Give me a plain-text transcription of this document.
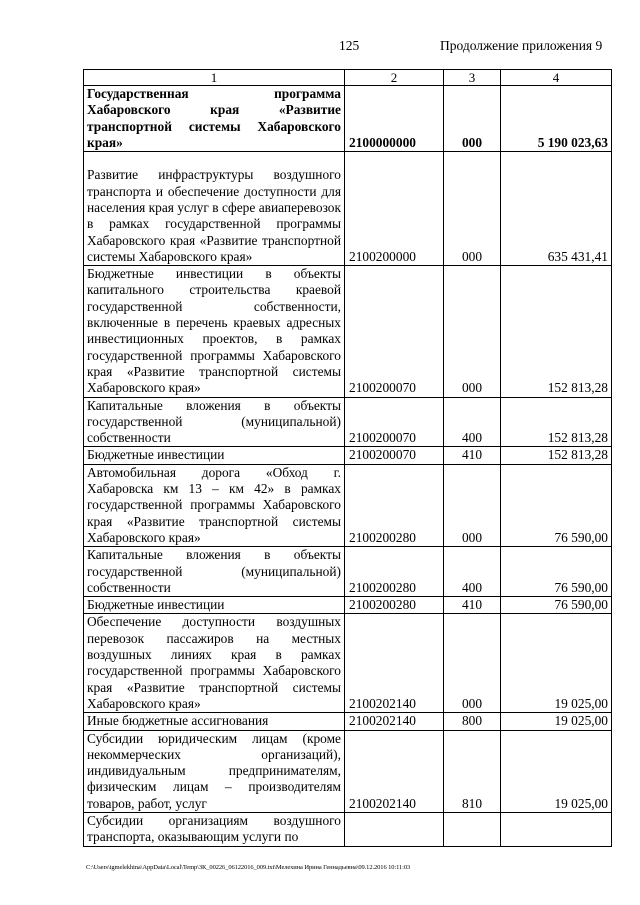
125	Продолжение приложения 9
1	2	3	4
Государственная программа Хабаровского края «Развитие транспортной системы Хабаровского края»	2100000000	000	5 190 023,63
Развитие инфраструктуры воздушного транспорта и обеспечение доступности для населения края услуг в сфере авиаперевозок в рамках государственной программы Хабаровского края «Развитие транспортной системы Хабаровского края»	2100200000	000	635 431,41
Бюджетные инвестиции в объекты капитального строительства краевой государственной собственности, включенные в перечень краевых адресных инвестиционных проектов, в рамках государственной программы Хабаровского края «Развитие транспортной системы Хабаровского края»	2100200070	000	152 813,28
Капитальные вложения в объекты государственной (муниципальной) собственности	2100200070	400	152 813,28
Бюджетные инвестиции	2100200070	410	152 813,28
Автомобильная дорога «Обход г. Хабаровска км 13 – км 42» в рамках государственной программы Хабаровского края «Развитие транспортной системы Хабаровского края»	2100200280	000	76 590,00
Капитальные вложения в объекты государственной (муниципальной) собственности	2100200280	400	76 590,00
Бюджетные инвестиции	2100200280	410	76 590,00
Обеспечение доступности воздушных перевозок пассажиров на местных воздушных линиях края в рамках государственной программы Хабаровского края «Развитие транспортной системы Хабаровского края»	2100202140	000	19 025,00
Иные бюджетные ассигнования	2100202140	800	19 025,00
Субсидии юридическим лицам (кроме некоммерческих организаций), индивидуальным предпринимателям, физическим лицам – производителям товаров, работ, услуг	2100202140	810	19 025,00
Субсидии организациям воздушного транспорта, оказывающим услуги по			
C:\Users\igmelekhina\AppData\Local\Temp\ЗК_00226_06122016_009.txt\Мелехина Ирина Геннадьевна\09.12.2016 10:11:03
